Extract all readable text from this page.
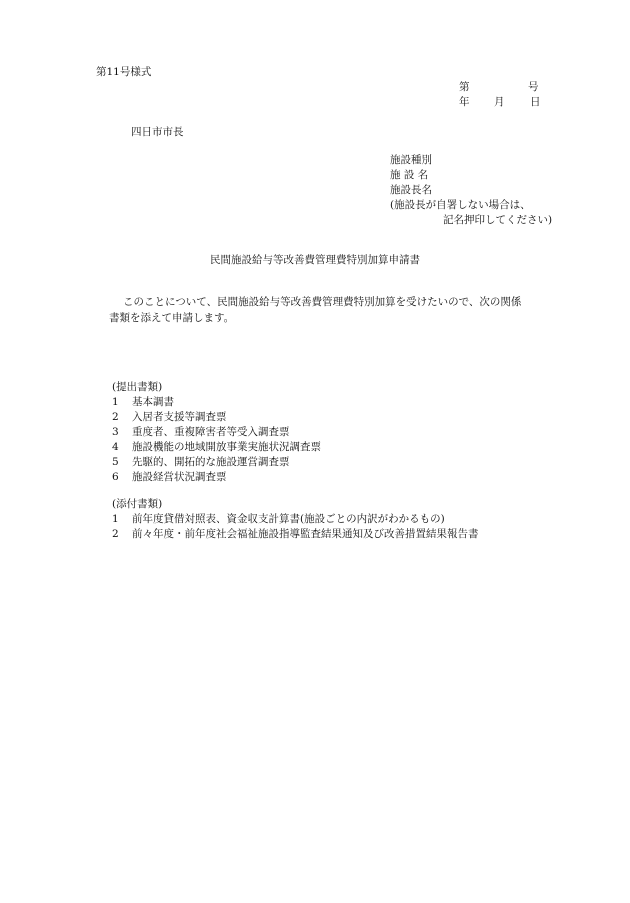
第11号様式
第	号
年 月 日
四日市市長
施設種別
施 設 名
施設長名
(施設長が自署しない場合は、
記名押印してください)
民間施設給与等改善費管理費特別加算申請書
このことについて、民間施設給与等改善費管理費特別加算を受けたいので、次の関係
書類を添えて申請します。
(提出書類)
1	基本調書
2	入居者支援等調査票
3	重度者、重複障害者等受入調査票
4	施設機能の地域開放事業実施状況調査票
5	先駆的、開拓的な施設運営調査票
6	施設経営状況調査票
(添付書類)
1	前年度貸借対照表、資金収支計算書(施設ごとの内訳がわかるもの)
2	前々年度・前年度社会福祉施設指導監査結果通知及び改善措置結果報告書
